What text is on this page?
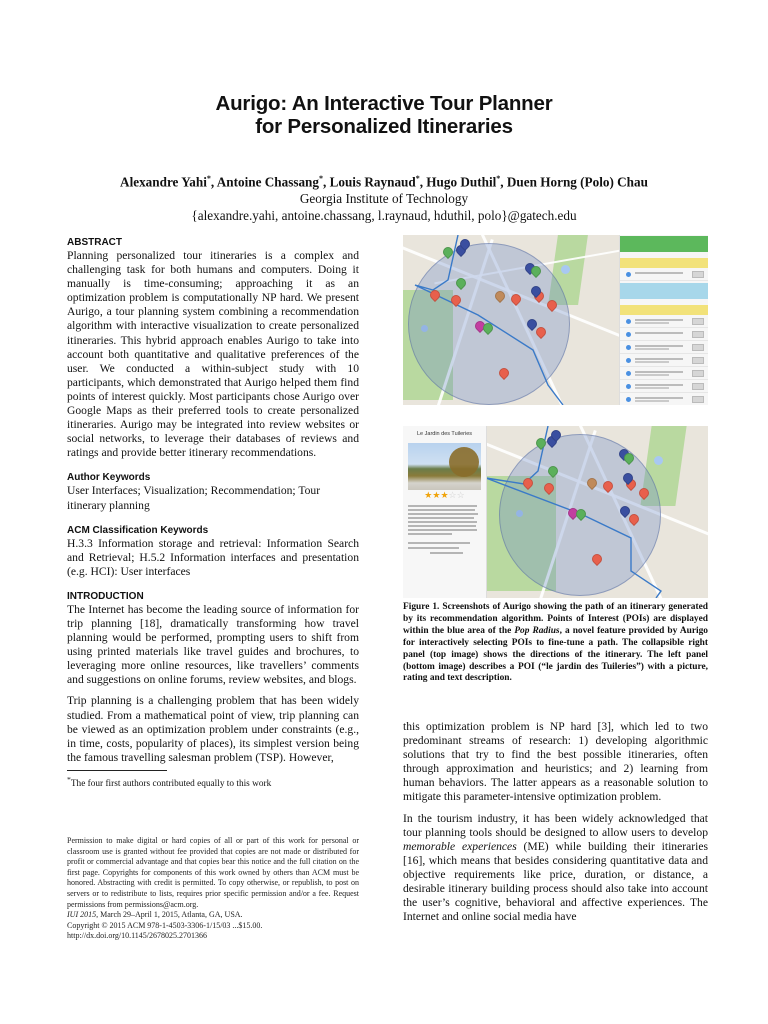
Aurigo: An Interactive Tour Planner
for Personalized Itineraries
Alexandre Yahi*, Antoine Chassang*, Louis Raynaud*, Hugo Duthil*, Duen Horng (Polo) Chau
Georgia Institute of Technology
{alexandre.yahi, antoine.chassang, l.raynaud, hduthil, polo}@gatech.edu

ABSTRACT

Planning personalized tour itineraries is a complex and challenging task for both humans and computers. Doing it manually is time-consuming; approaching it as an optimization problem is computationally NP hard. We present Aurigo, a tour planning system combining a recommendation algorithm with interactive visualization to create personalized itineraries. This hybrid approach enables Aurigo to take into account both quantitative and qualitative preferences of the user. We conducted a within-subject study with 10 participants, which demonstrated that Aurigo helped them find points of interest quickly. Most participants chose Aurigo over Google Maps as their preferred tools to create personalized itineraries. Aurigo may be integrated into review websites or social networks, to leverage their databases of reviews and ratings and provide better itinerary recommendations.

Author Keywords

User Interfaces; Visualization; Recommendation; Tour itinerary planning

ACM Classification Keywords

H.3.3 Information storage and retrieval: Information Search and Retrieval; H.5.2 Information interfaces and presentation (e.g. HCI): User interfaces

INTRODUCTION

The Internet has become the leading source of information for trip planning [18], dramatically transforming how travel planning would be performed, prompting users to shift from using printed materials like travel guides and brochures, to leveraging more online resources, like travellers’ comments and suggestions on online forums, review websites, and blogs.

Trip planning is a challenging problem that has been widely studied. From a mathematical point of view, trip planning can be viewed as an optimization problem under constraints (e.g., in time, costs, popularity of places), its simplest version being the famous travelling salesman problem (TSP). However,

*The four first authors contributed equally to this work
Permission to make digital or hard copies of all or part of this work for personal or classroom use is granted without fee provided that copies are not made or distributed for profit or commercial advantage and that copies bear this notice and the full citation on the first page. Copyrights for components of this work owned by others than ACM must be honored. Abstracting with credit is permitted. To copy otherwise, or republish, to post on servers or to redistribute to lists, requires prior specific permission and/or a fee. Request permissions from permissions@acm.org.
IUI 2015, March 29–April 1, 2015, Atlanta, GA, USA.
Copyright © 2015 ACM 978-1-4503-3306-1/15/03 ...$15.00.
http://dx.doi.org/10.1145/2678025.2701366
Le Jardin des Tuileries
★★★☆☆
Figure 1. Screenshots of Aurigo showing the path of an itinerary generated by its recommendation algorithm. Points of Interest (POIs) are displayed within the blue area of the Pop Radius, a novel feature provided by Aurigo for interactively selecting POIs to fine-tune a path. The collapsible right panel (top image) shows the directions of the itinerary. The left panel (bottom image) describes a POI (“le jardin des Tuileries”) with a picture, rating and text description.

this optimization problem is NP hard [3], which led to two predominant streams of research: 1) developing algorithmic solutions that try to find the best possible itineraries, often through approximation and heuristics; and 2) learning from human behaviors. The latter appears as a reasonable solution to mitigate this parameter-intensive optimization problem.

In the tourism industry, it has been widely acknowledged that tour planning tools should be designed to allow users to develop memorable experiences (ME) while building their itineraries [16], which means that besides considering quantitative data and objective requirements like price, duration, or distance, a desirable itinerary building process should also take into account the user’s cognitive, behavioral and affective experiences. The Internet and online social media have
